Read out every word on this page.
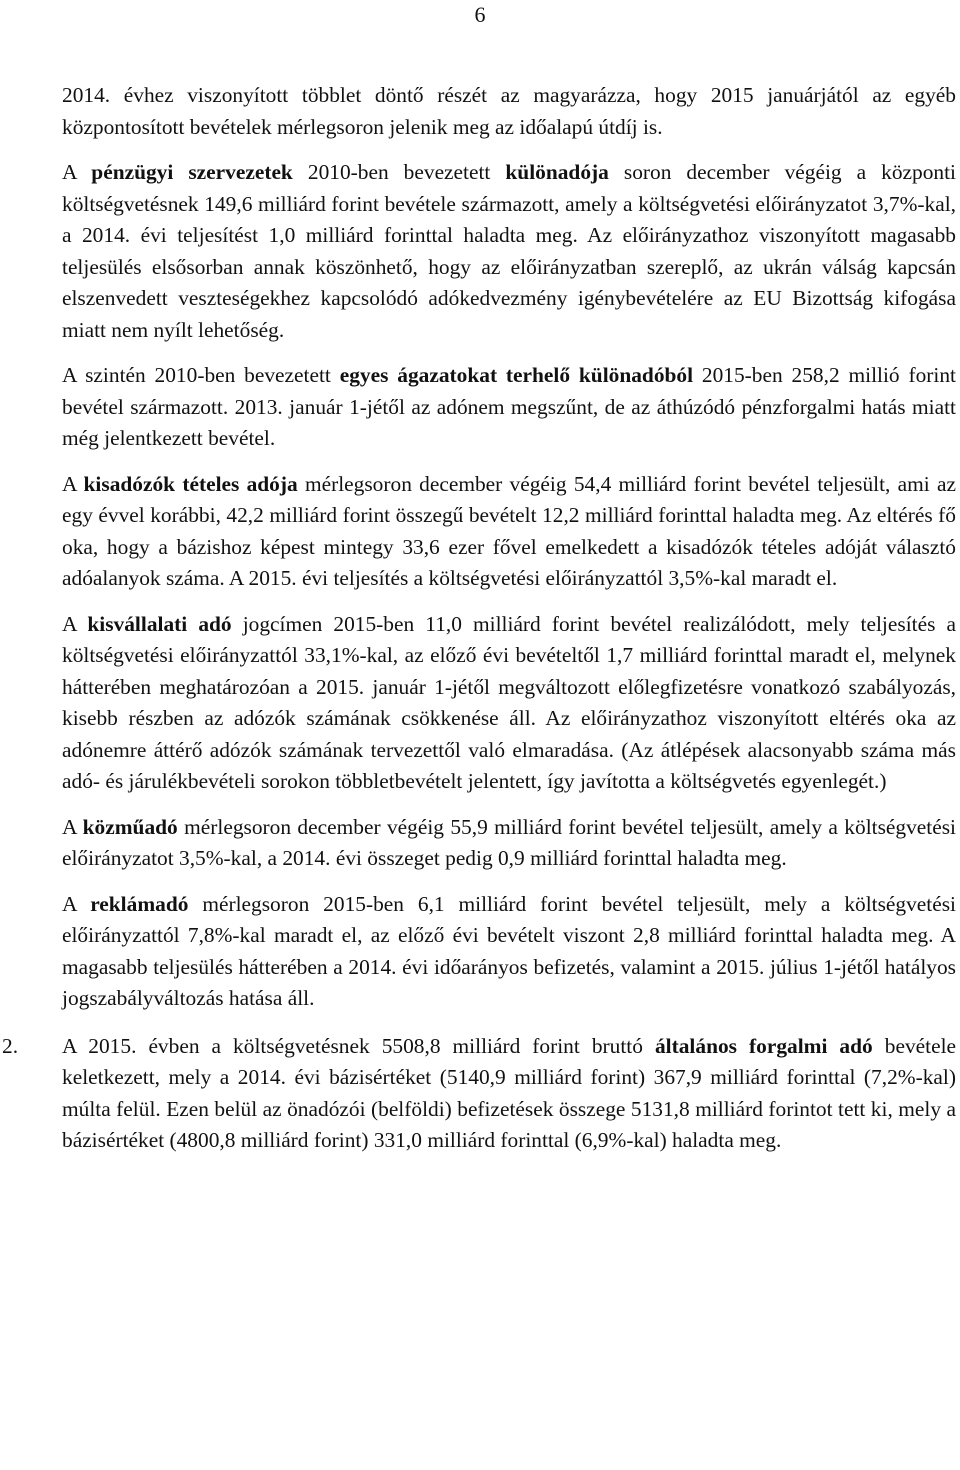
6

2014. évhez viszonyított többlet döntő részét az magyarázza, hogy 2015 januárjától az egyéb központosított bevételek mérlegsoron jelenik meg az időalapú útdíj is.

A pénzügyi szervezetek 2010-ben bevezetett különadója soron december végéig a központi költségvetésnek 149,6 milliárd forint bevétele származott, amely a költségvetési előirányzatot 3,7%-kal, a 2014. évi teljesítést 1,0 milliárd forinttal haladta meg. Az előirányzathoz viszonyított magasabb teljesülés elsősorban annak köszönhető, hogy az előirányzatban szereplő, az ukrán válság kapcsán elszenvedett veszteségekhez kapcsolódó adókedvezmény igénybevételére az EU Bizottság kifogása miatt nem nyílt lehetőség.

A szintén 2010-ben bevezetett egyes ágazatokat terhelő különadóból 2015-ben 258,2 millió forint bevétel származott. 2013. január 1-jétől az adónem megszűnt, de az áthúzódó pénzforgalmi hatás miatt még jelentkezett bevétel.

A kisadózók tételes adója mérlegsoron december végéig 54,4 milliárd forint bevétel teljesült, ami az egy évvel korábbi, 42,2 milliárd forint összegű bevételt 12,2 milliárd forinttal haladta meg. Az eltérés fő oka, hogy a bázishoz képest mintegy 33,6 ezer fővel emelkedett a kisadózók tételes adóját választó adóalanyok száma. A 2015. évi teljesítés a költségvetési előirányzattól 3,5%-kal maradt el.

A kisvállalati adó jogcímen 2015-ben 11,0 milliárd forint bevétel realizálódott, mely teljesítés a költségvetési előirányzattól 33,1%-kal, az előző évi bevételtől 1,7 milliárd forinttal maradt el, melynek hátterében meghatározóan a 2015. január 1-jétől megváltozott előlegfizetésre vonatkozó szabályozás, kisebb részben az adózók számának csökkenése áll. Az előirányzathoz viszonyított eltérés oka az adónemre áttérő adózók számának tervezettől való elmaradása. (Az átlépések alacsonyabb száma más adó- és járulékbevételi sorokon többletbevételt jelentett, így javította a költségvetés egyenlegét.)

A közműadó mérlegsoron december végéig 55,9 milliárd forint bevétel teljesült, amely a költségvetési előirányzatot 3,5%-kal, a 2014. évi összeget pedig 0,9 milliárd forinttal haladta meg.

A reklámadó mérlegsoron 2015-ben 6,1 milliárd forint bevétel teljesült, mely a költségvetési előirányzattól 7,8%-kal maradt el, az előző évi bevételt viszont 2,8 milliárd forinttal haladta meg. A magasabb teljesülés hátterében a 2014. évi időarányos befizetés, valamint a 2015. július 1-jétől hatályos jogszabályváltozás hatása áll.

2.	A 2015. évben a költségvetésnek 5508,8 milliárd forint bruttó általános forgalmi adó bevétele keletkezett, mely a 2014. évi bázisértéket (5140,9 milliárd forint) 367,9 milliárd forinttal (7,2%-kal) múlta felül. Ezen belül az önadózói (belföldi) befizetések összege 5131,8 milliárd forintot tett ki, mely a bázisértéket (4800,8 milliárd forint) 331,0 milliárd forinttal (6,9%-kal) haladta meg.
